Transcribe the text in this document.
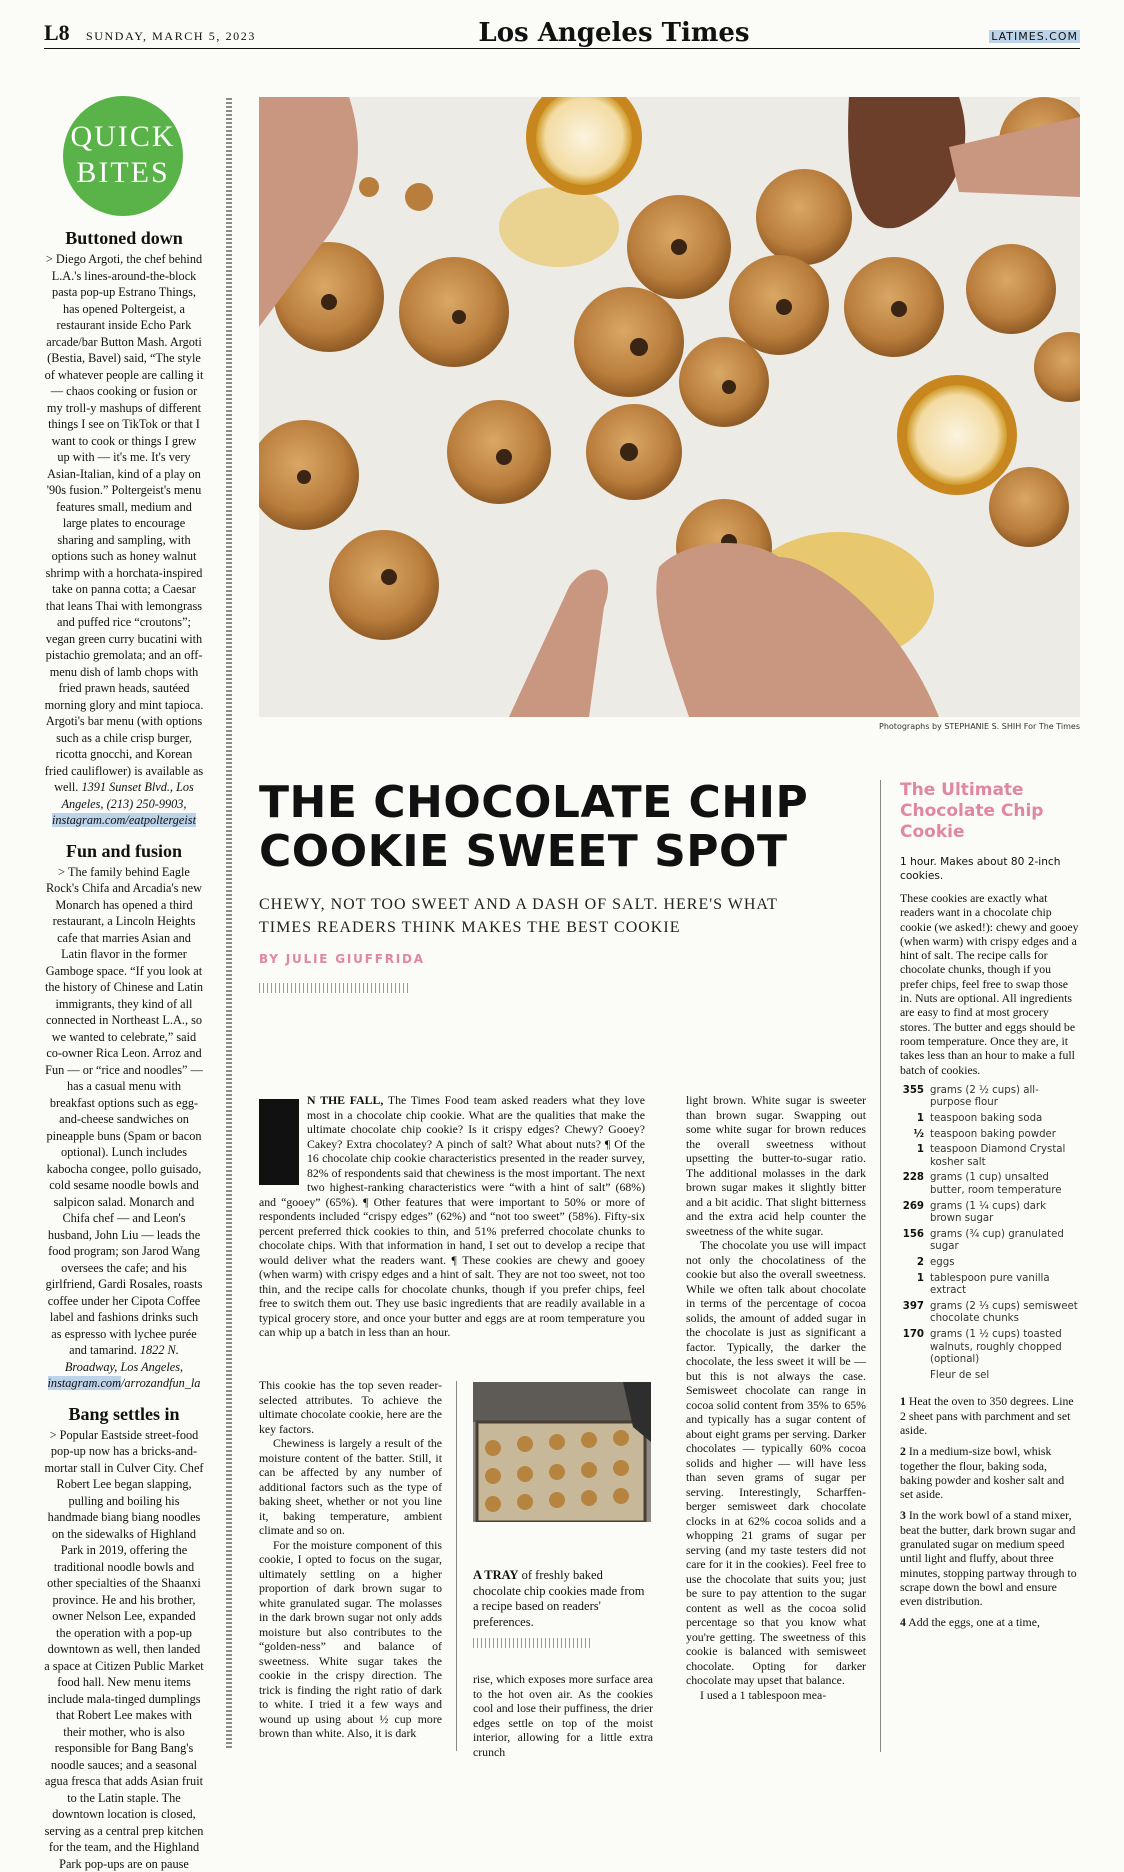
L8 SUNDAY, MARCH 5, 2023	Los Angeles Times	LATIMES.COM
QUICK
BITES
Buttoned down

> Diego Argoti, the chef behind L.A.'s lines-around-the-block pasta pop-up Estrano Things, has opened Poltergeist, a restaurant inside Echo Park arcade/bar Button Mash. Argoti (Bestia, Bavel) said, “The style of whatever people are calling it — chaos cooking or fusion or my troll-y mashups of different things I see on TikTok or that I want to cook or things I grew up with — it's me. It's very Asian-Italian, kind of a play on '90s fusion.” Poltergeist's menu features small, medium and large plates to encourage sharing and sampling, with options such as honey walnut shrimp with a horchata-inspired take on panna cotta; a Caesar that leans Thai with lemongrass and puffed rice “croutons”; vegan green curry bucatini with pistachio gremolata; and an off-menu dish of lamb chops with fried prawn heads, sautéed morning glory and mint tapioca. Argoti's bar menu (with options such as a chile crisp burger, ricotta gnocchi, and Korean fried cauliflower) is available as well. 1391 Sunset Blvd., Los Angeles, (213) 250-9903, instagram.com/eatpoltergeist

Fun and fusion

> The family behind Eagle Rock's Chifa and Arcadia's new Monarch has opened a third restaurant, a Lincoln Heights cafe that marries Asian and Latin flavor in the former Gamboge space. “If you look at the history of Chinese and Latin immigrants, they kind of all connected in Northeast L.A., so we wanted to celebrate,” said co-owner Rica Leon. Arroz and Fun — or “rice and noodles” — has a casual menu with breakfast options such as egg-and-cheese sandwiches on pineapple buns (Spam or bacon optional). Lunch includes kabocha congee, pollo guisado, cold sesame noodle bowls and salpicon salad. Monarch and Chifa chef — and Leon's husband, John Liu — leads the food program; son Jarod Wang oversees the cafe; and his girlfriend, Gardi Rosales, roasts coffee under her Cipota Coffee label and fashions drinks such as espresso with lychee purée and tamarind. 1822 N. Broadway, Los Angeles, instagram.com/arrozandfun_la

Bang settles in

> Popular Eastside street-food pop-up now has a bricks-and-mortar stall in Culver City. Chef Robert Lee began slapping, pulling and boiling his handmade biang biang noodles on the sidewalks of Highland Park in 2019, offering the traditional noodle bowls and other specialties of the Shaanxi province. He and his brother, owner Nelson Lee, expanded the operation with a pop-up downtown as well, then landed a space at Citizen Public Market food hall. New menu items include mala-tinged dumplings that Robert Lee makes with their mother, who is also responsible for Bang Bang's noodle sauces; and a seasonal agua fresca that adds Asian fruit to the Latin staple. The downtown location is closed, serving as a central prep kitchen for the team, and the Highland Park pop-ups are on pause

Photographs by STEPHANIE S. SHIH For The Times
THE CHOCOLATE CHIP COOKIE SWEET SPOT
CHEWY, NOT TOO SWEET AND A DASH OF SALT. HERE'S WHAT TIMES READERS THINK MAKES THE BEST COOKIE
BY JULIE GIUFFRIDA

N THE FALL, The Times Food team asked readers what they love most in a chocolate chip cookie. What are the qualities that make the ultimate chocolate chip cookie? Is it crispy edges? Chewy? Gooey? Cakey? Extra chocolatey? A pinch of salt? What about nuts? ¶ Of the 16 chocolate chip cookie characteristics presented in the reader survey, 82% of respondents said that chewiness is the most important. The next two highest-ranking characteristics were “with a hint of salt” (68%) and “gooey” (65%). ¶ Other features that were important to 50% or more of respondents included “crispy edges” (62%) and “not too sweet” (58%). Fifty-six percent preferred thick cookies to thin, and 51% preferred chocolate chunks to chocolate chips. With that information in hand, I set out to develop a recipe that would deliver what the readers want. ¶ These cookies are chewy and gooey (when warm) with crispy edges and a hint of salt. They are not too sweet, not too thin, and the recipe calls for chocolate chunks, though if you prefer chips, feel free to switch them out. They use basic ingredients that are readily available in a typical grocery store, and once your butter and eggs are at room temperature you can whip up a batch in less than an hour.

This cookie has the top seven reader-selected attributes. To achieve the ultimate chocolate cookie, here are the key factors.

Chewiness is largely a result of the moisture content of the batter. Still, it can be affected by any number of additional factors such as the type of baking sheet, whether or not you line it, baking temperature, ambient climate and so on.

For the moisture component of this cookie, I opted to focus on the sugar, ultimately settling on a higher proportion of dark brown sugar to white granulated sugar. The molasses in the dark brown sugar not only adds moisture but also contributes to the “golden-ness” and balance of sweetness. White sugar takes the cookie in the crispy direction. The trick is finding the right ratio of dark to white. I tried it a few ways and wound up using about ½ cup more brown than white. Also, it is dark

A TRAY of freshly baked chocolate chip cookies made from a recipe based on readers' preferences.

rise, which exposes more surface area to the hot oven air. As the cookies cool and lose their puffiness, the drier edges settle on top of the moist interior, allowing for a little extra crunch

light brown. White sugar is sweeter than brown sugar. Swapping out some white sugar for brown reduces the overall sweetness without upsetting the butter-to-sugar ratio. The additional molasses in the dark brown sugar makes it slightly bitter and a bit acidic. That slight bitterness and the extra acid help counter the sweetness of the white sugar.

The chocolate you use will impact not only the chocolatiness of the cookie but also the overall sweetness. While we often talk about chocolate in terms of the percentage of cocoa solids, the amount of added sugar in the chocolate is just as significant a factor. Typically, the darker the chocolate, the less sweet it will be — but this is not always the case. Semisweet chocolate can range in cocoa solid content from 35% to 65% and typically has a sugar content of about eight grams per serving. Darker chocolates — typically 60% cocoa solids and higher — will have less than seven grams of sugar per serving. Interestingly, Scharffen-berger semisweet dark chocolate clocks in at 62% cocoa solids and a whopping 21 grams of sugar per serving (and my taste testers did not care for it in the cookies). Feel free to use the chocolate that suits you; just be sure to pay attention to the sugar content as well as the cocoa solid percentage so that you know what you're getting. The sweetness of this cookie is balanced with semisweet chocolate. Opting for darker chocolate may upset that balance.

I used a 1 tablespoon mea-

The Ultimate Chocolate Chip Cookie

1 hour. Makes about 80 2-inch cookies.

These cookies are exactly what readers want in a chocolate chip cookie (we asked!): chewy and gooey (when warm) with crispy edges and a hint of salt. The recipe calls for chocolate chunks, though if you prefer chips, feel free to swap those in. Nuts are optional. All ingredients are easy to find at most grocery stores. The butter and eggs should be room temperature. Once they are, it takes less than an hour to make a full batch of cookies.

355 grams (2 ½ cups) all-purpose flour
1 teaspoon baking soda
½ teaspoon baking powder
1 teaspoon Diamond Crystal kosher salt
228 grams (1 cup) unsalted butter, room temperature
269 grams (1 ¼ cups) dark brown sugar
156 grams (¾ cup) granulated sugar
2 eggs
1 tablespoon pure vanilla extract
397 grams (2 ⅓ cups) semisweet chocolate chunks
170 grams (1 ½ cups) toasted walnuts, roughly chopped (optional)
Fleur de sel

1 Heat the oven to 350 degrees. Line 2 sheet pans with parchment and set aside.

2 In a medium-size bowl, whisk together the flour, baking soda, baking powder and kosher salt and set aside.

3 In the work bowl of a stand mixer, beat the butter, dark brown sugar and granulated sugar on medium speed until light and fluffy, about three minutes, stopping partway through to scrape down the bowl and ensure even distribution.

4 Add the eggs, one at a time,
